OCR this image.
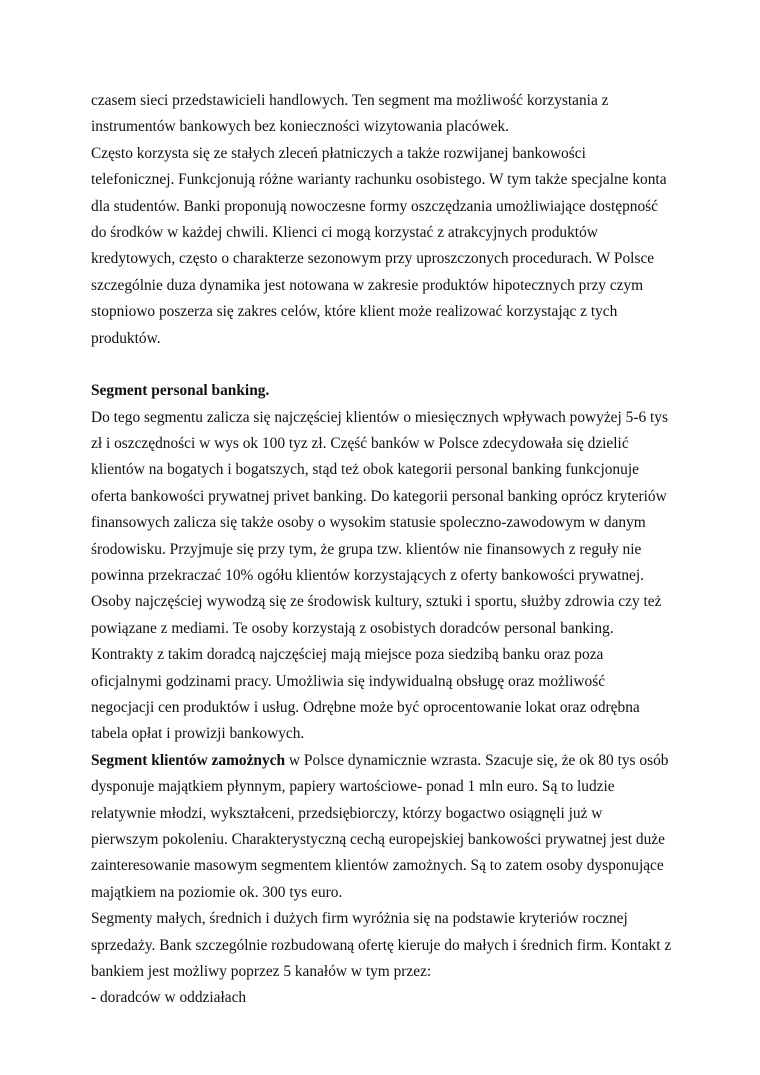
czasem sieci przedstawicieli handlowych. Ten segment ma możliwość korzystania z
instrumentów bankowych bez konieczności wizytowania placówek.
Często korzysta się ze stałych zleceń płatniczych a także rozwijanej bankowości
telefonicznej. Funkcjonują różne warianty rachunku osobistego. W tym także specjalne konta
dla studentów. Banki proponują nowoczesne formy oszczędzania umożliwiające dostępność
do środków w każdej chwili. Klienci ci mogą korzystać z atrakcyjnych produktów
kredytowych, często o charakterze sezonowym przy uproszczonych procedurach. W Polsce
szczególnie duza dynamika jest notowana w zakresie produktów hipotecznych przy czym
stopniowo poszerza się zakres celów, które klient może realizować korzystając z tych
produktów.
Segment personal banking.
Do tego segmentu zalicza się najczęściej klientów o miesięcznych wpływach powyżej 5-6 tys
zł i oszczędności w wys ok 100 tyz zł. Część banków w Polsce zdecydowała się dzielić
klientów na bogatych i bogatszych, stąd też obok kategorii personal banking funkcjonuje
oferta bankowości prywatnej privet banking. Do kategorii personal banking oprócz kryteriów
finansowych zalicza się także osoby o wysokim statusie spoleczno-zawodowym w danym
środowisku. Przyjmuje się przy tym, że grupa tzw. klientów nie finansowych z reguły nie
powinna przekraczać 10% ogółu klientów korzystających z oferty bankowości prywatnej.
Osoby najczęściej wywodzą się ze środowisk kultury, sztuki i sportu, służby zdrowia czy też
powiązane z mediami. Te osoby korzystają z osobistych doradców personal banking.
Kontrakty z takim doradcą najczęściej mają miejsce poza siedzibą banku oraz poza
oficjalnymi godzinami pracy. Umożliwia się indywidualną obsługę oraz możliwość
negocjacji cen produktów i usług. Odrębne może być oprocentowanie lokat oraz odrębna
tabela opłat i prowizji bankowych.
Segment klientów zamożnych w Polsce dynamicznie wzrasta. Szacuje się, że ok 80 tys osób
dysponuje majątkiem płynnym, papiery wartościowe- ponad 1 mln euro. Są to ludzie
relatywnie młodzi, wykształceni, przedsiębiorczy, którzy bogactwo osiągnęli już w
pierwszym pokoleniu. Charakterystyczną cechą europejskiej bankowości prywatnej jest duże
zainteresowanie masowym segmentem klientów zamożnych. Są to zatem osoby dysponujące
majątkiem na poziomie ok. 300 tys euro.
Segmenty małych, średnich i dużych firm wyróżnia się na podstawie kryteriów rocznej
sprzedaży. Bank szczególnie rozbudowaną ofertę kieruje do małych i średnich firm. Kontakt z
bankiem jest możliwy poprzez 5 kanałów w tym przez:
- doradców w oddziałach
